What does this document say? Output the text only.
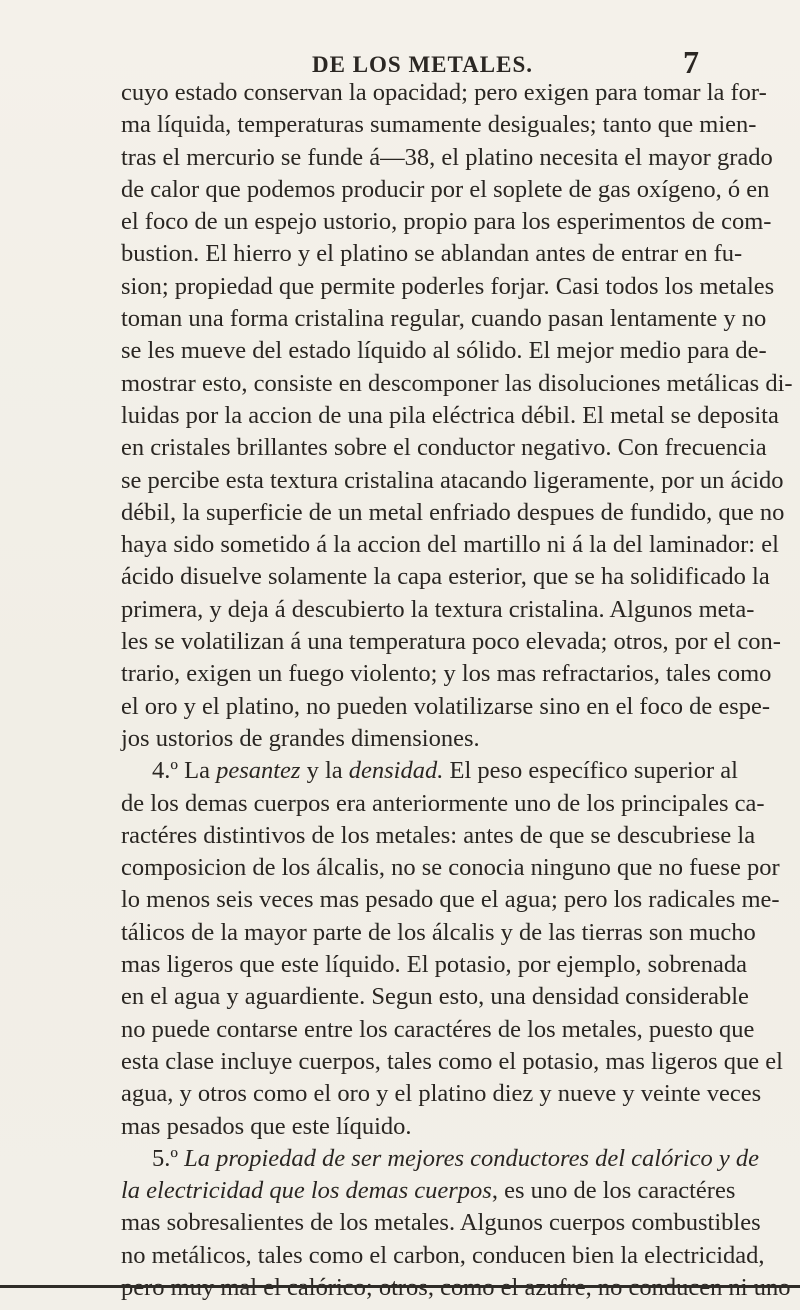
DE LOS METALES.	7
cuyo estado conservan la opacidad; pero exigen para tomar la for-
ma líquida, temperaturas sumamente desiguales; tanto que mien-
tras el mercurio se funde á—38, el platino necesita el mayor grado
de calor que podemos producir por el soplete de gas oxígeno, ó en
el foco de un espejo ustorio, propio para los esperimentos de com-
bustion. El hierro y el platino se ablandan antes de entrar en fu-
sion; propiedad que permite poderles forjar. Casi todos los metales
toman una forma cristalina regular, cuando pasan lentamente y no
se les mueve del estado líquido al sólido. El mejor medio para de-
mostrar esto, consiste en descomponer las disoluciones metálicas di-
luidas por la accion de una pila eléctrica débil. El metal se deposita
en cristales brillantes sobre el conductor negativo. Con frecuencia
se percibe esta textura cristalina atacando ligeramente, por un ácido
débil, la superficie de un metal enfriado despues de fundido, que no
haya sido sometido á la accion del martillo ni á la del laminador: el
ácido disuelve solamente la capa esterior, que se ha solidificado la
primera, y deja á descubierto la textura cristalina. Algunos meta-
les se volatilizan á una temperatura poco elevada; otros, por el con-
trario, exigen un fuego violento; y los mas refractarios, tales como
el oro y el platino, no pueden volatilizarse sino en el foco de espe-
jos ustorios de grandes dimensiones.
4.º La pesantez y la densidad. El peso específico superior al
de los demas cuerpos era anteriormente uno de los principales ca-
ractéres distintivos de los metales: antes de que se descubriese la
composicion de los álcalis, no se conocia ninguno que no fuese por
lo menos seis veces mas pesado que el agua; pero los radicales me-
tálicos de la mayor parte de los álcalis y de las tierras son mucho
mas ligeros que este líquido. El potasio, por ejemplo, sobrenada
en el agua y aguardiente. Segun esto, una densidad considerable
no puede contarse entre los caractéres de los metales, puesto que
esta clase incluye cuerpos, tales como el potasio, mas ligeros que el
agua, y otros como el oro y el platino diez y nueve y veinte veces
mas pesados que este líquido.
5.º La propiedad de ser mejores conductores del calórico y de
la electricidad que los demas cuerpos, es uno de los caractéres
mas sobresalientes de los metales. Algunos cuerpos combustibles
no metálicos, tales como el carbon, conducen bien la electricidad,
